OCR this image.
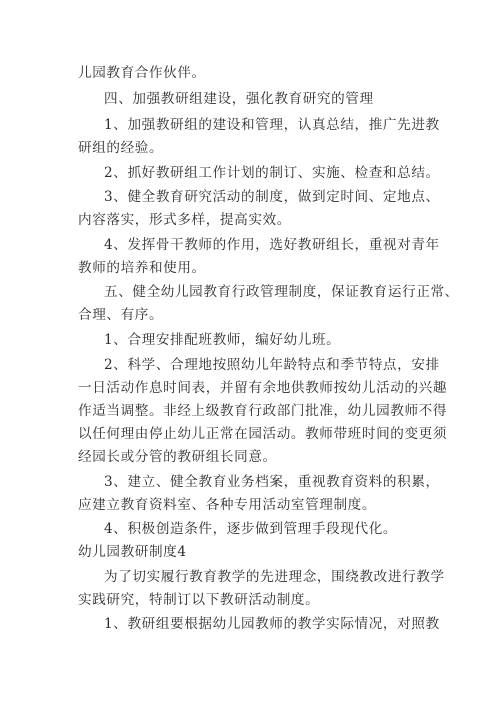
儿园教育合作伙伴。
四、加强教研组建设，强化教育研究的管理
1、加强教研组的建设和管理，认真总结，推广先进教
研组的经验。
2、抓好教研组工作计划的制订、实施、检查和总结。
3、健全教育研究活动的制度，做到定时间、定地点、
内容落实，形式多样，提高实效。
4、发挥骨干教师的作用，选好教研组长，重视对青年
教师的培养和使用。
五、健全幼儿园教育行政管理制度，保证教育运行正常、
合理、有序。
1、合理安排配班教师，编好幼儿班。
2、科学、合理地按照幼儿年龄特点和季节特点，安排
一日活动作息时间表，并留有余地供教师按幼儿活动的兴趣
作适当调整。非经上级教育行政部门批准，幼儿园教师不得
以任何理由停止幼儿正常在园活动。教师带班时间的变更须
经园长或分管的教研组长同意。
3、建立、健全教育业务档案，重视教育资料的积累，
应建立教育资料室、各种专用活动室管理制度。
4、积极创造条件，逐步做到管理手段现代化。
幼儿园教研制度4
为了切实履行教育教学的先进理念，围绕教改进行教学
实践研究，特制订以下教研活动制度。
1、教研组要根据幼儿园教师的教学实际情况，对照教
